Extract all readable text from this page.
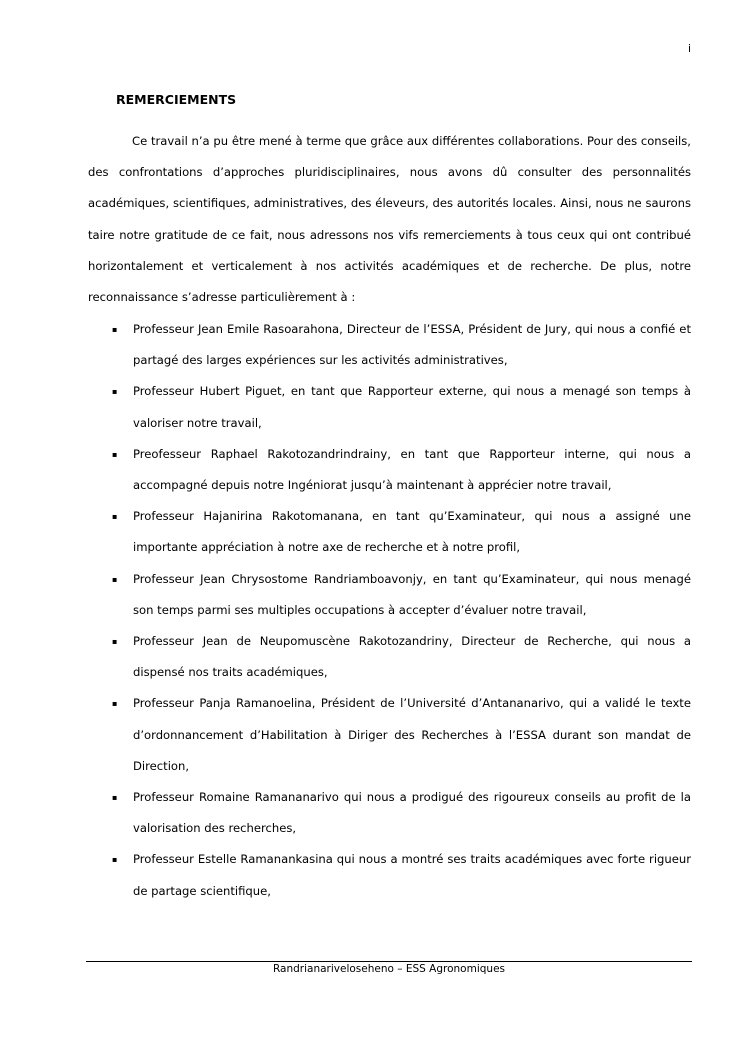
i
REMERCIEMENTS

Ce travail n’a pu être mené à terme que grâce aux différentes collaborations. Pour des conseils, des confrontations d’approches pluridisciplinaires, nous avons dû consulter des personnalités académiques, scientifiques, administratives, des éleveurs, des autorités locales. Ainsi, nous ne saurons taire notre gratitude de ce fait, nous adressons nos vifs remerciements à tous ceux qui ont contribué horizontalement et verticalement à nos activités académiques et de recherche. De plus, notre reconnaissance s’adresse particulièrement à :

▪ Professeur Jean Emile Rasoarahona, Directeur de l’ESSA, Président de Jury, qui nous a confié et partagé des larges expériences sur les activités administratives,
▪ Professeur Hubert Piguet, en tant que Rapporteur externe, qui nous a menagé son temps à valoriser notre travail,
▪ Preofesseur Raphael Rakotozandrindrainy, en tant que Rapporteur interne, qui nous a accompagné depuis notre Ingéniorat jusqu’à maintenant à apprécier notre travail,
▪ Professeur Hajanirina Rakotomanana, en tant qu’Examinateur, qui nous a assigné une importante appréciation à notre axe de recherche et à notre profil,
▪ Professeur Jean Chrysostome Randriamboavonjy, en tant qu’Examinateur, qui nous menagé son temps parmi ses multiples occupations à accepter d’évaluer notre travail,
▪ Professeur Jean de Neupomuscène Rakotozandriny, Directeur de Recherche, qui nous a dispensé nos traits académiques,
▪ Professeur Panja Ramanoelina, Président de l’Université d’Antananarivo, qui a validé le texte d’ordonnancement d’Habilitation à Diriger des Recherches à l’ESSA durant son mandat de Direction,
▪ Professeur Romaine Ramananarivo qui nous a prodigué des rigoureux conseils au profit de la valorisation des recherches,
▪ Professeur Estelle Ramanankasina qui nous a montré ses traits académiques avec forte rigueur de partage scientifique,
Randrianariveloseheno – ESS Agronomiques
